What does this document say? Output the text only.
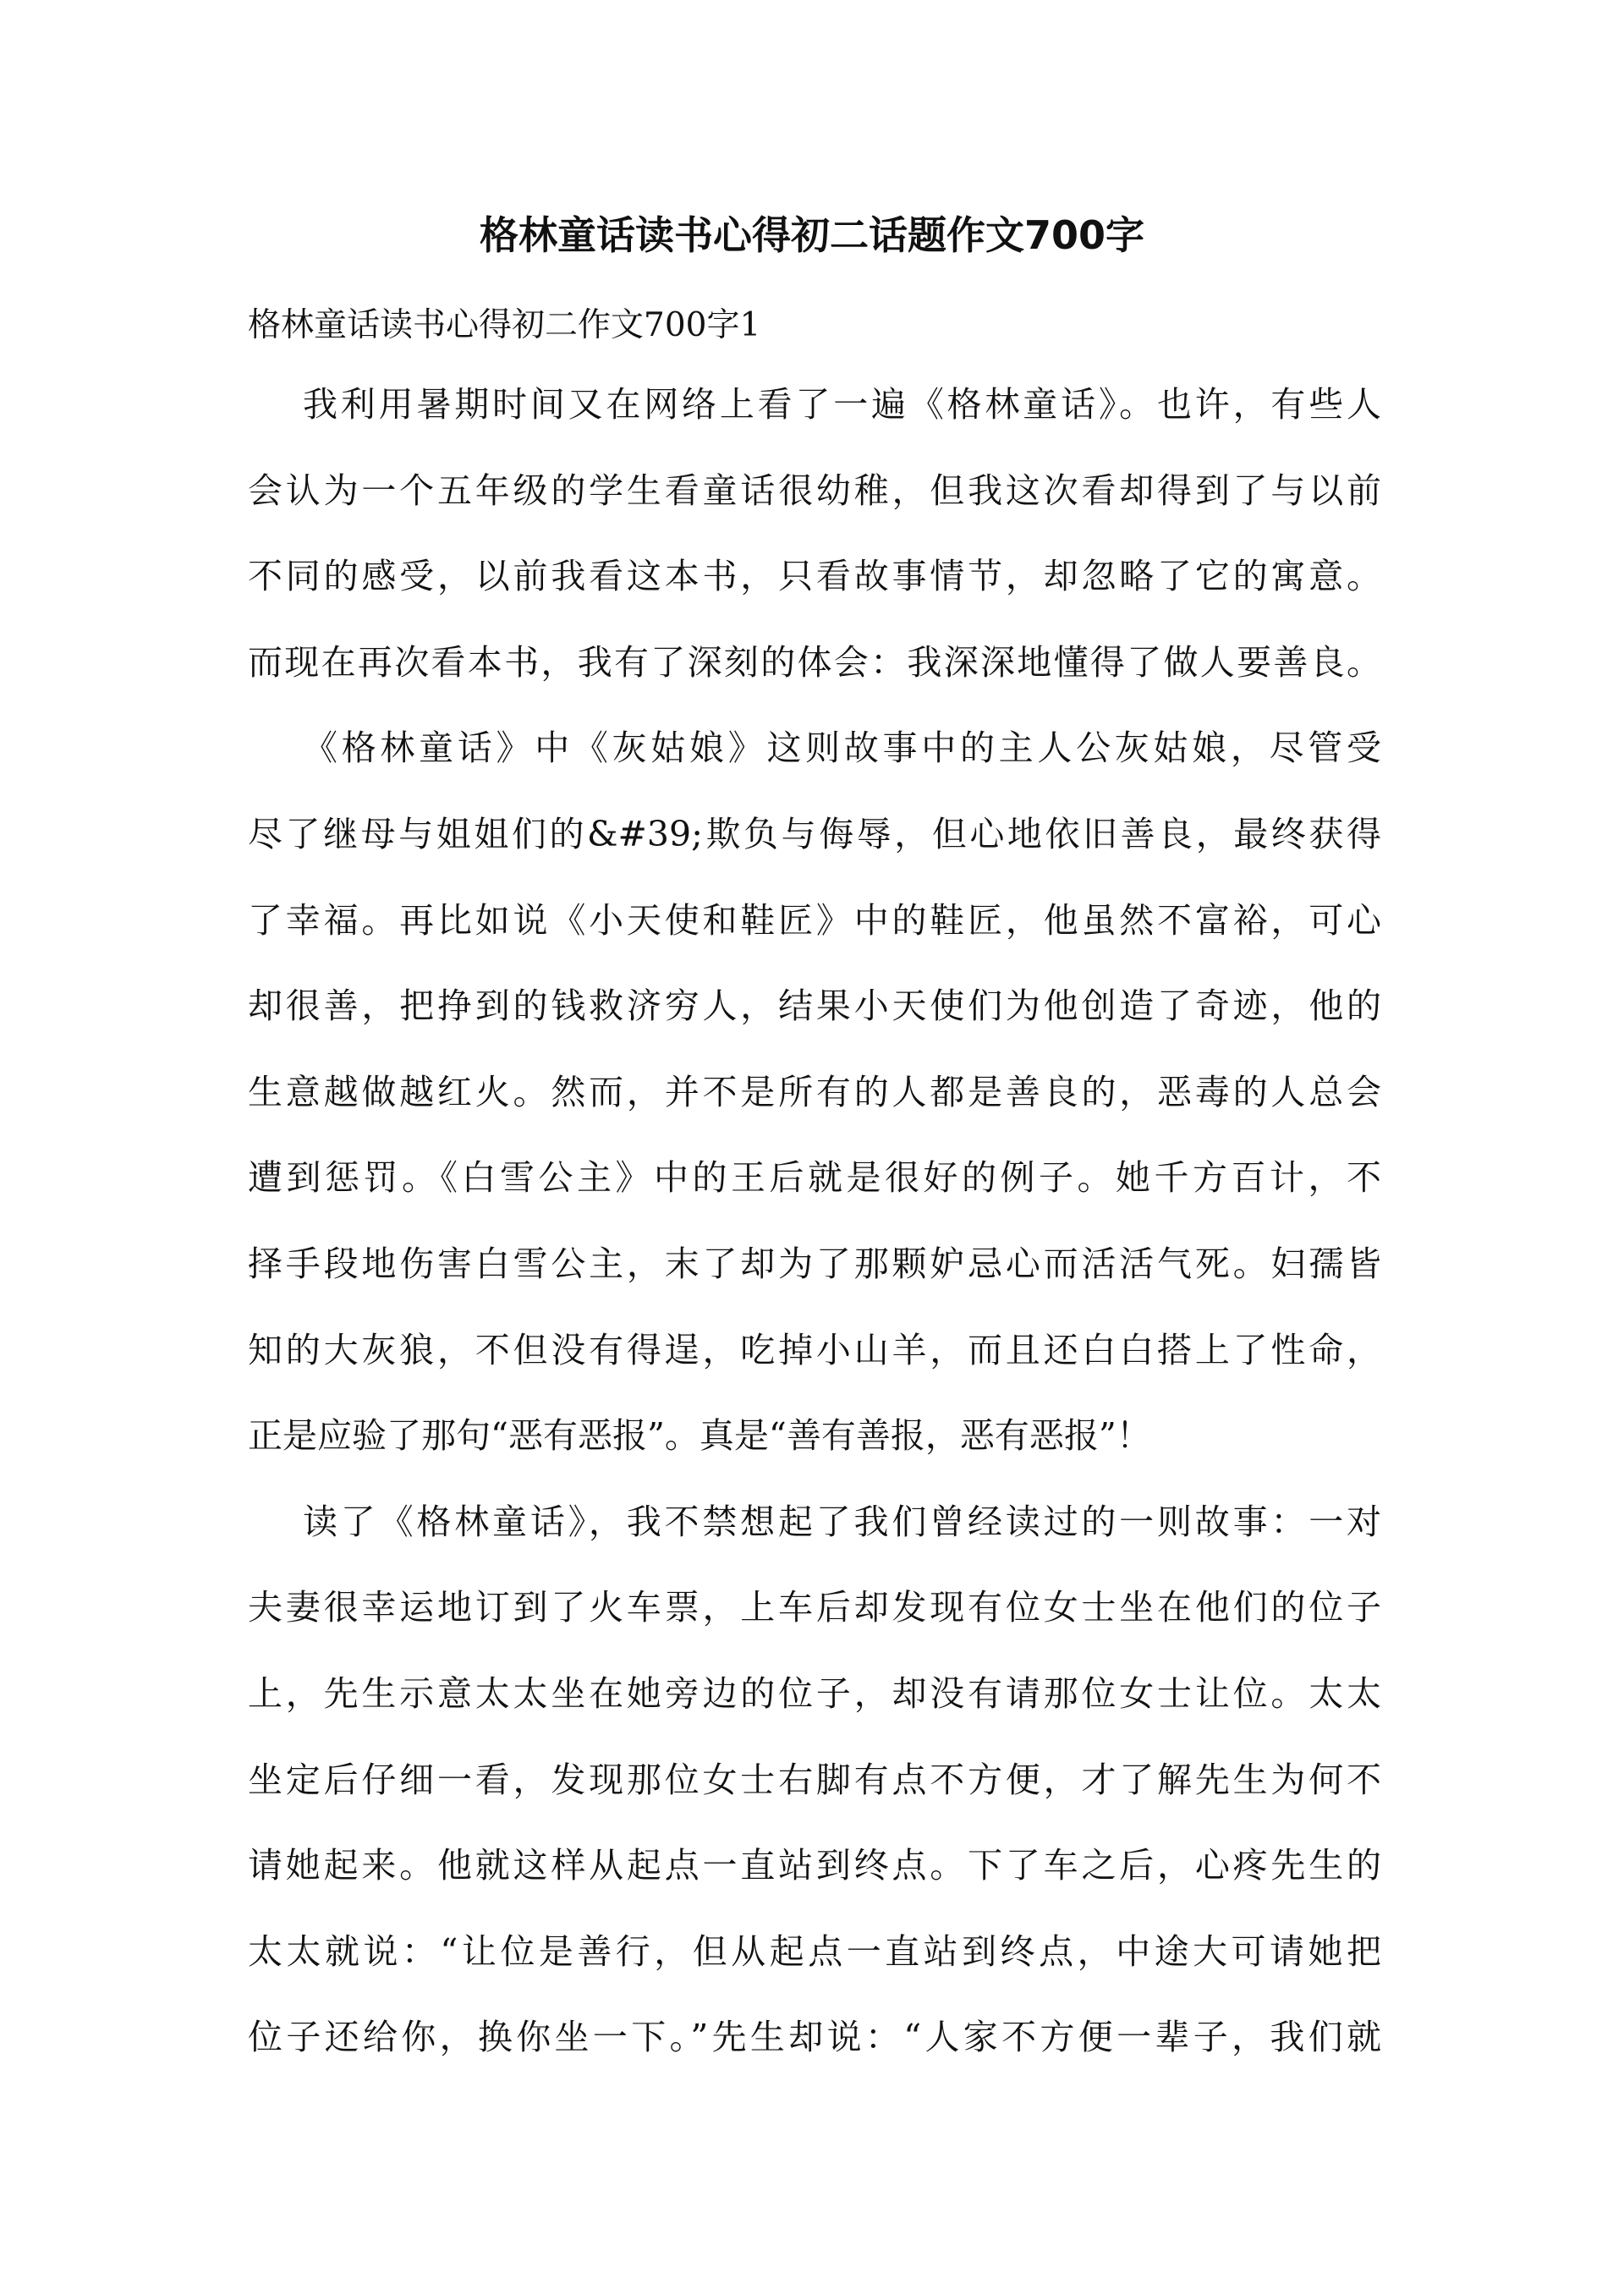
格林童话读书心得初二话题作文700字

格林童话读书心得初二作文700字1

我利用暑期时间又在网络上看了一遍《格林童话》。也许，有些人
会认为一个五年级的学生看童话很幼稚，但我这次看却得到了与以前
不同的感受，以前我看这本书，只看故事情节，却忽略了它的寓意。
而现在再次看本书，我有了深刻的体会：我深深地懂得了做人要善良。
《格林童话》中《灰姑娘》这则故事中的主人公灰姑娘，尽管受
尽了继母与姐姐们的&#39;欺负与侮辱，但心地依旧善良，最终获得
了幸福。再比如说《小天使和鞋匠》中的鞋匠，他虽然不富裕，可心
却很善，把挣到的钱救济穷人，结果小天使们为他创造了奇迹，他的
生意越做越红火。然而，并不是所有的人都是善良的，恶毒的人总会
遭到惩罚。《白雪公主》中的王后就是很好的例子。她千方百计，不
择手段地伤害白雪公主，末了却为了那颗妒忌心而活活气死。妇孺皆
知的大灰狼，不但没有得逞，吃掉小山羊，而且还白白搭上了性命，
正是应验了那句“恶有恶报”。真是“善有善报，恶有恶报”！
读了《格林童话》，我不禁想起了我们曾经读过的一则故事：一对
夫妻很幸运地订到了火车票，上车后却发现有位女士坐在他们的位子
上，先生示意太太坐在她旁边的位子，却没有请那位女士让位。太太
坐定后仔细一看，发现那位女士右脚有点不方便，才了解先生为何不
请她起来。他就这样从起点一直站到终点。下了车之后，心疼先生的
太太就说：“让位是善行，但从起点一直站到终点，中途大可请她把
位子还给你，换你坐一下。”先生却说：“人家不方便一辈子，我们就
